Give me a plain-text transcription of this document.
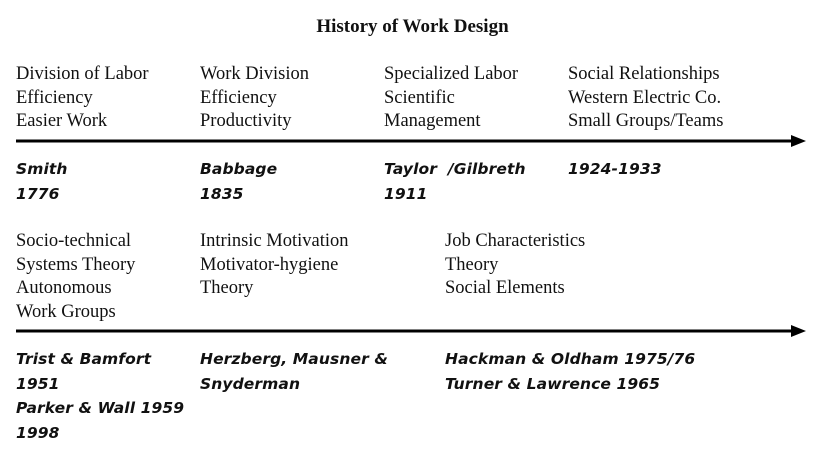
History of Work Design
Division of Labor
Efficiency
Easier Work
Work Division
Efficiency
Productivity
Specialized Labor
Scientific
Management
Social Relationships
Western Electric Co.
Small Groups/Teams
Smith
1776
Babbage
1835
Taylor  /Gilbreth
1911
1924-1933
Socio-technical
Systems Theory
Autonomous
Work Groups
Intrinsic Motivation
Motivator-hygiene
Theory
Job Characteristics
Theory
Social Elements
Trist & Bamfort
1951
Parker & Wall 1959
1998
Herzberg, Mausner &
Snyderman
Hackman & Oldham 1975/76
Turner & Lawrence 1965
